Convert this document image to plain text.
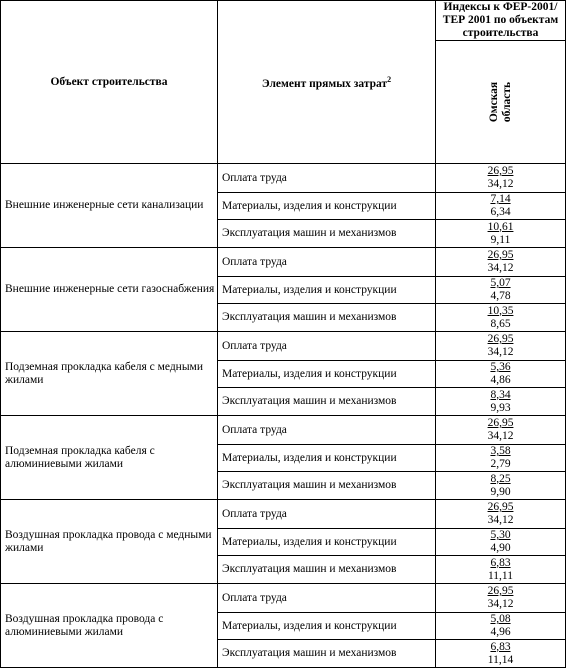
Объект строительства	Элемент прямых затрат$^2$	Индексы к ФЕР-2001/ТЕР 2001 по объектам строительства

		Омская область

Внешние инженерные сети канализации	Оплата труда	26,95
34,12

	Материалы, изделия и конструкции	7,14
6,34

	Эксплуатация машин и механизмов	10,61
9,11

Внешние инженерные сети газоснабжения	Оплата труда	26,95
34,12

	Материалы, изделия и конструкции	5,07
4,78

	Эксплуатация машин и механизмов	10,35
8,65

Подземная прокладка кабеля с медными жилами	Оплата труда	26,95
34,12

	Материалы, изделия и конструкции	5,36
4,86

	Эксплуатация машин и механизмов	8,34
9,93

Подземная прокладка кабеля с алюминиевыми жилами	Оплата труда	26,95
34,12

	Материалы, изделия и конструкции	3,58
2,79

	Эксплуатация машин и механизмов	8,25
9,90

Воздушная прокладка провода с медными жилами	Оплата труда	26,95
34,12

	Материалы, изделия и конструкции	5,30
4,90

	Эксплуатация машин и механизмов	6,83
11,11

Воздушная прокладка провода с алюминиевыми жилами	Оплата труда	26,95
34,12

	Материалы, изделия и конструкции	5,08
4,96

	Эксплуатация машин и механизмов	6,83
11,14
